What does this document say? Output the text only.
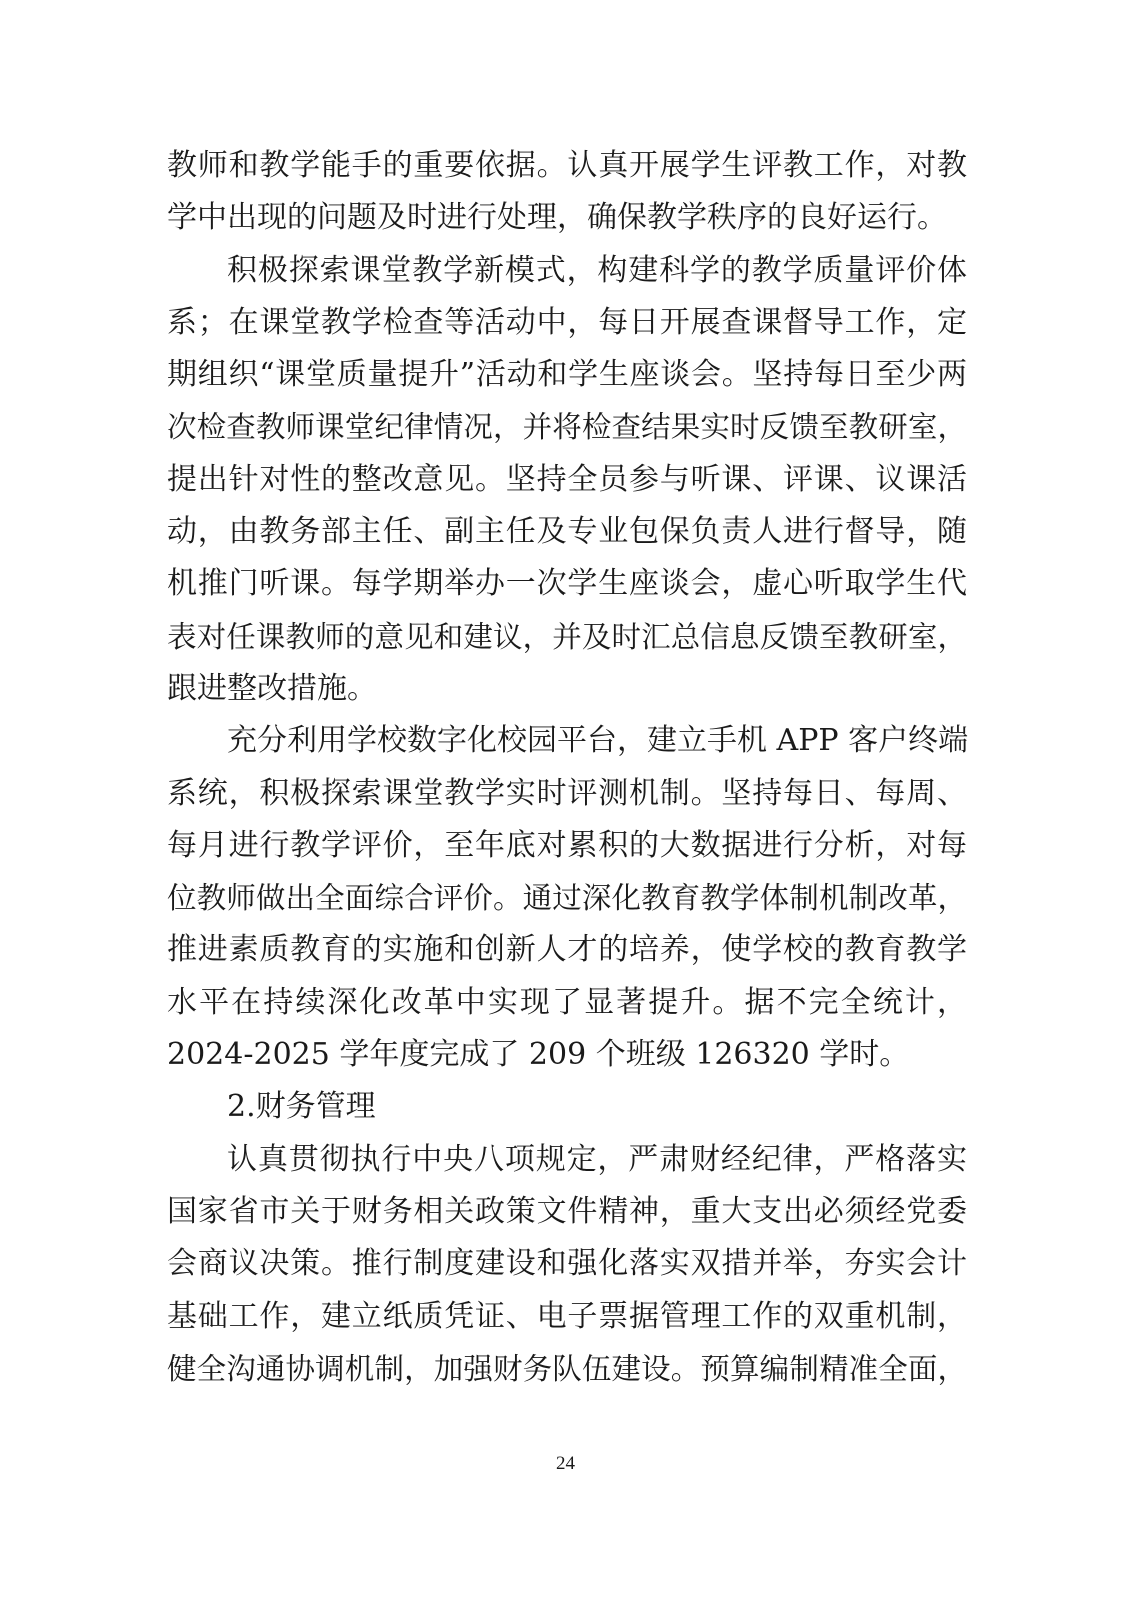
教师和教学能手的重要依据。认真开展学生评教工作，对教
学中出现的问题及时进行处理，确保教学秩序的良好运行。
积极探索课堂教学新模式，构建科学的教学质量评价体
系；在课堂教学检查等活动中，每日开展查课督导工作，定
期组织“课堂质量提升”活动和学生座谈会。坚持每日至少两
次检查教师课堂纪律情况，并将检查结果实时反馈至教研室，
提出针对性的整改意见。坚持全员参与听课、评课、议课活
动，由教务部主任、副主任及专业包保负责人进行督导，随
机推门听课。每学期举办一次学生座谈会，虚心听取学生代
表对任课教师的意见和建议，并及时汇总信息反馈至教研室，
跟进整改措施。
充分利用学校数字化校园平台，建立手机 APP 客户终端
系统，积极探索课堂教学实时评测机制。坚持每日、每周、
每月进行教学评价，至年底对累积的大数据进行分析，对每
位教师做出全面综合评价。通过深化教育教学体制机制改革，
推进素质教育的实施和创新人才的培养，使学校的教育教学
水平在持续深化改革中实现了显著提升。据不完全统计，
2024-2025 学年度完成了 209 个班级 126320 学时。
2.财务管理
认真贯彻执行中央八项规定，严肃财经纪律，严格落实
国家省市关于财务相关政策文件精神，重大支出必须经党委
会商议决策。推行制度建设和强化落实双措并举，夯实会计
基础工作，建立纸质凭证、电子票据管理工作的双重机制，
健全沟通协调机制，加强财务队伍建设。预算编制精准全面，
24
